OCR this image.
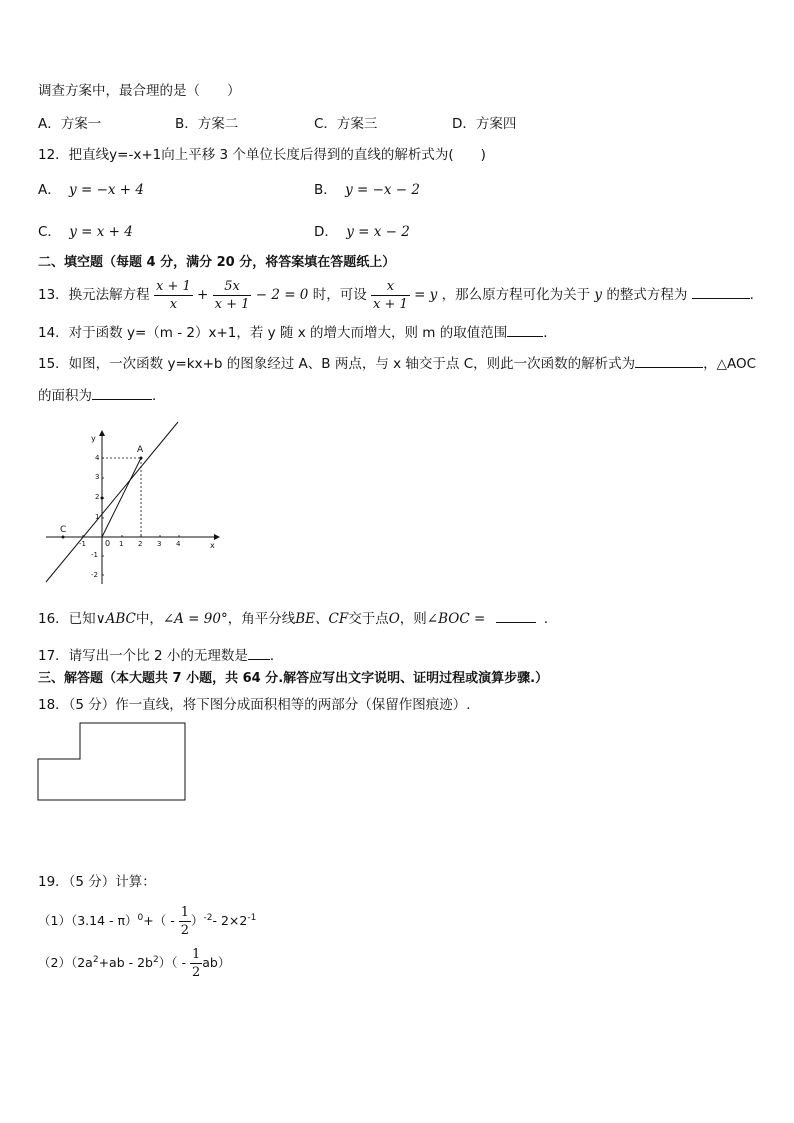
调查方案中，最合理的是（　　）
A．方案一	B．方案二	C．方案三	D．方案四
12．把直线y=-x+1向上平移 3 个单位长度后得到的直线的解析式为(　　)
A． y = −x + 4	B． y = −x − 2
C． y = x + 4	D． y = x − 2
二、填空题（每题 4 分，满分 20 分，将答案填在答题纸上）
13．换元法解方程 $\frac{x + 1}{x} + \frac{5x}{x + 1} - 2 = 0$ 时，可设 $\frac{x}{x + 1} = y$ ，那么原方程可化为关于 y 的整式方程为	.
14．对于函数 y=（m - 2）x+1，若 y 随 x 的增大而增大，则 m 的取值范围	．
15．如图，一次函数 y=kx+b 的图象经过 A、B 两点，与 x 轴交于点 C，则此一次函数的解析式为	，△AOC
的面积为	．
y
x
0
-1	1 2 3 4
4
3
2
1
-1
-2
A
C
16．已知∨ABC中，∠A = 90°，角平分线BE、CF交于点O，则∠BOC =	．
17．请写出一个比 2 小的无理数是 ．
三、解答题（本大题共 7 小题，共 64 分.解答应写出文字说明、证明过程或演算步骤.）
18．（5 分）作一直线，将下图分成面积相等的两部分（保留作图痕迹）.
19．（5 分）计算：
$(1)(3.14 - \pi)^0+( - \frac{1}{2} )^{-2}-$ $2\times 2^{-1}$
$(2)(2a^2+ab - 2b^2)( - \frac{1}{2} ab)$
